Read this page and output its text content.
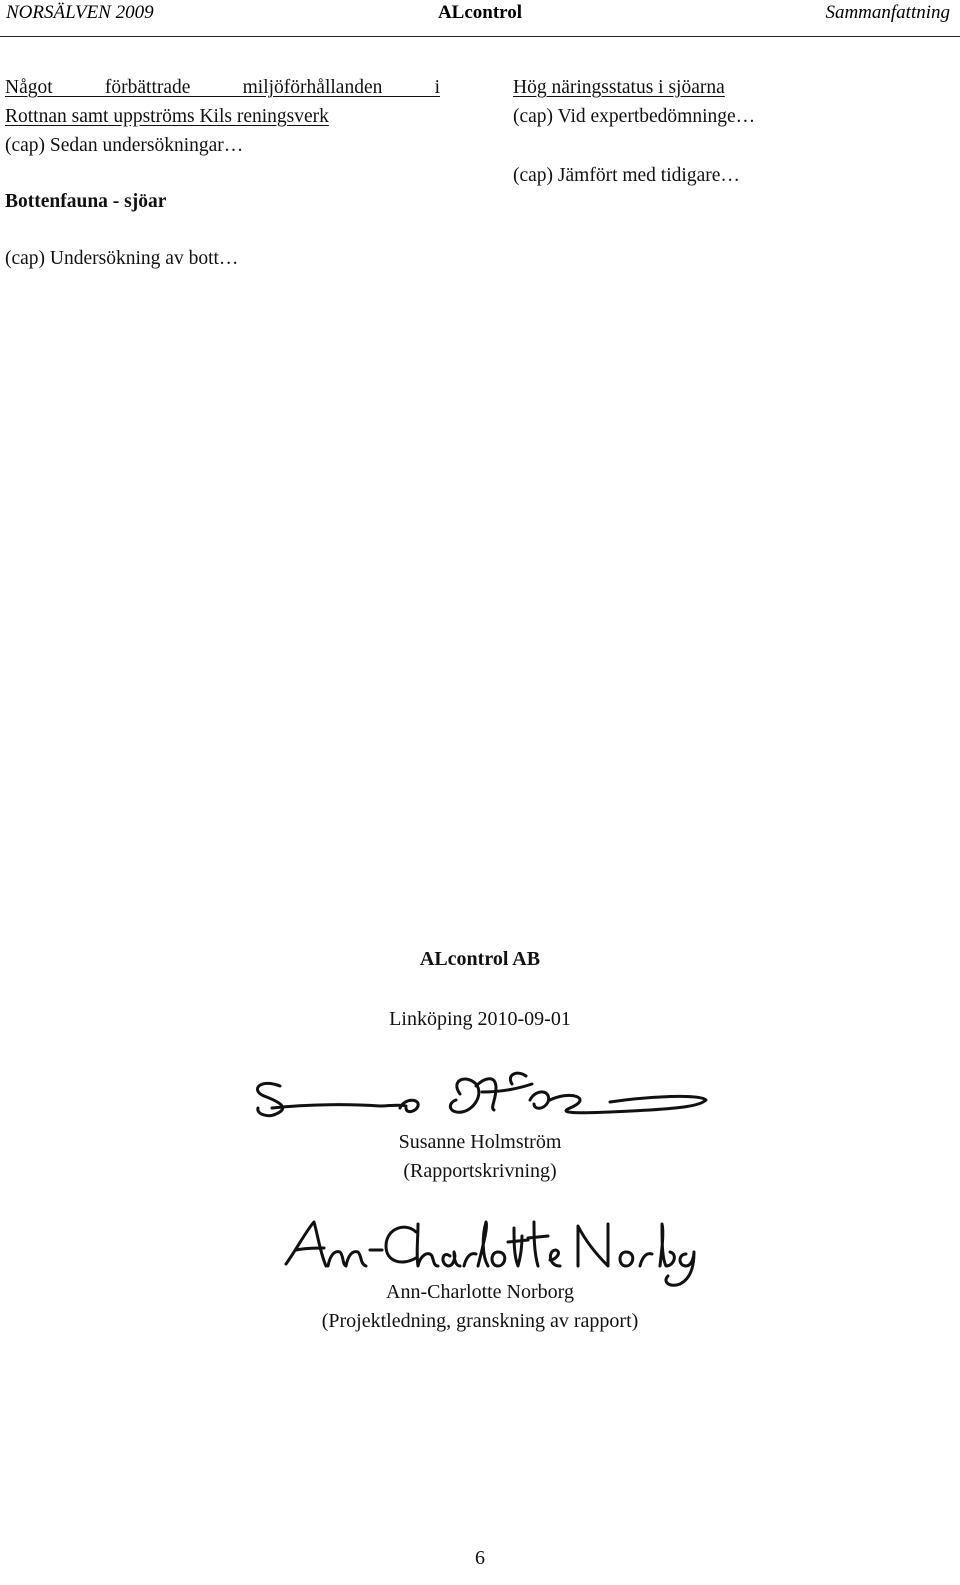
NORSÄLVEN 2009	ALcontrol	Sammanfattning

Något förbättrade miljöförhållanden i

Rottnan samt uppströms Kils reningsverk

(cap) Sedan undersökningar…

Bottenfauna - sjöar

(cap) Undersökning av bott…

Hög näringsstatus i sjöarna

(cap) Vid expertbedömninge…

(cap) Jämfört med tidigare…

ALcontrol AB
Linköping 2010-09-01
Susanne Holmström
(Rapportskrivning)
Ann-Charlotte Norborg
(Projektledning, granskning av rapport)
6
